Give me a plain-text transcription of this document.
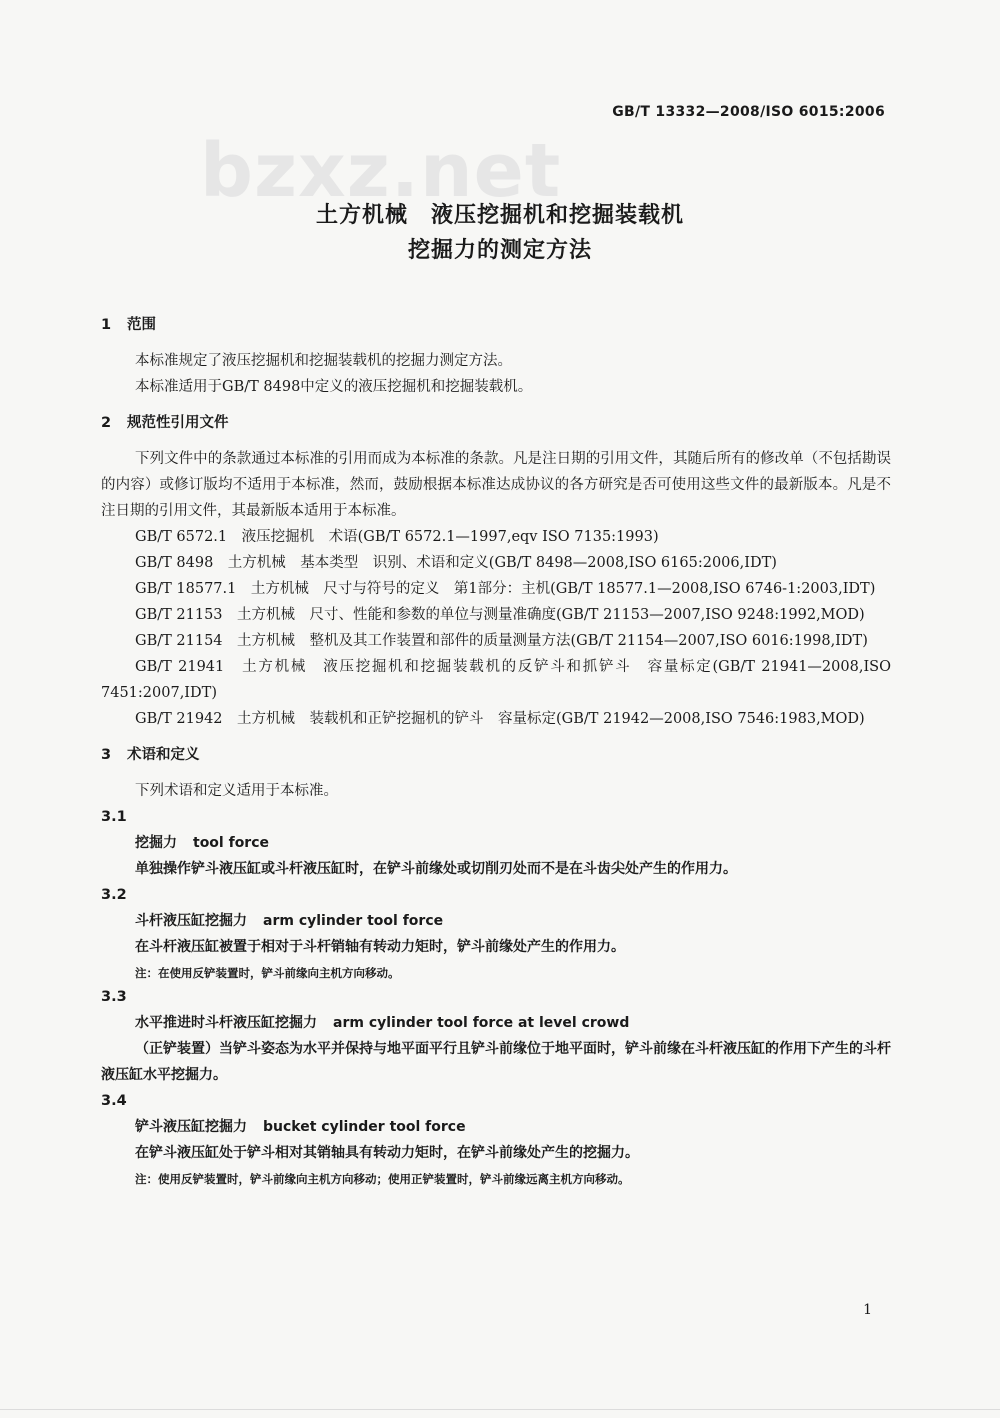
GB/T 13332—2008/ISO 6015:2006
bzxz.net
土方机械　液压挖掘机和挖掘装载机
挖掘力的测定方法
1 范围

本标准规定了液压挖掘机和挖掘装载机的挖掘力测定方法。

本标准适用于GB/T 8498中定义的液压挖掘机和挖掘装载机。

2 规范性引用文件

下列文件中的条款通过本标准的引用而成为本标准的条款。凡是注日期的引用文件，其随后所有的修改单（不包括勘误的内容）或修订版均不适用于本标准，然而，鼓励根据本标准达成协议的各方研究是否可使用这些文件的最新版本。凡是不注日期的引用文件，其最新版本适用于本标准。

GB/T 6572.1　液压挖掘机　术语(GB/T 6572.1—1997,eqv ISO 7135:1993)

GB/T 8498　土方机械　基本类型　识别、术语和定义(GB/T 8498—2008,ISO 6165:2006,IDT)

GB/T 18577.1　土方机械　尺寸与符号的定义　第1部分：主机(GB/T 18577.1—2008,ISO 6746-1:2003,IDT)

GB/T 21153　土方机械　尺寸、性能和参数的单位与测量准确度(GB/T 21153—2007,ISO 9248:1992,MOD)

GB/T 21154　土方机械　整机及其工作装置和部件的质量测量方法(GB/T 21154—2007,ISO 6016:1998,IDT)

GB/T 21941　土方机械　液压挖掘机和挖掘装载机的反铲斗和抓铲斗　容量标定(GB/T 21941—2008,ISO 7451:2007,IDT)

GB/T 21942　土方机械　装载机和正铲挖掘机的铲斗　容量标定(GB/T 21942—2008,ISO 7546:1983,MOD)

3 术语和定义

下列术语和定义适用于本标准。

3.1

挖掘力 tool force

单独操作铲斗液压缸或斗杆液压缸时，在铲斗前缘处或切削刃处而不是在斗齿尖处产生的作用力。

3.2

斗杆液压缸挖掘力 arm cylinder tool force

在斗杆液压缸被置于相对于斗杆销轴有转动力矩时，铲斗前缘处产生的作用力。

注：在使用反铲装置时，铲斗前缘向主机方向移动。

3.3

水平推进时斗杆液压缸挖掘力 arm cylinder tool force at level crowd

（正铲装置）当铲斗姿态为水平并保持与地平面平行且铲斗前缘位于地平面时，铲斗前缘在斗杆液压缸的作用下产生的斗杆液压缸水平挖掘力。

3.4

铲斗液压缸挖掘力 bucket cylinder tool force

在铲斗液压缸处于铲斗相对其销轴具有转动力矩时，在铲斗前缘处产生的挖掘力。

注：使用反铲装置时，铲斗前缘向主机方向移动；使用正铲装置时，铲斗前缘远离主机方向移动。

1
